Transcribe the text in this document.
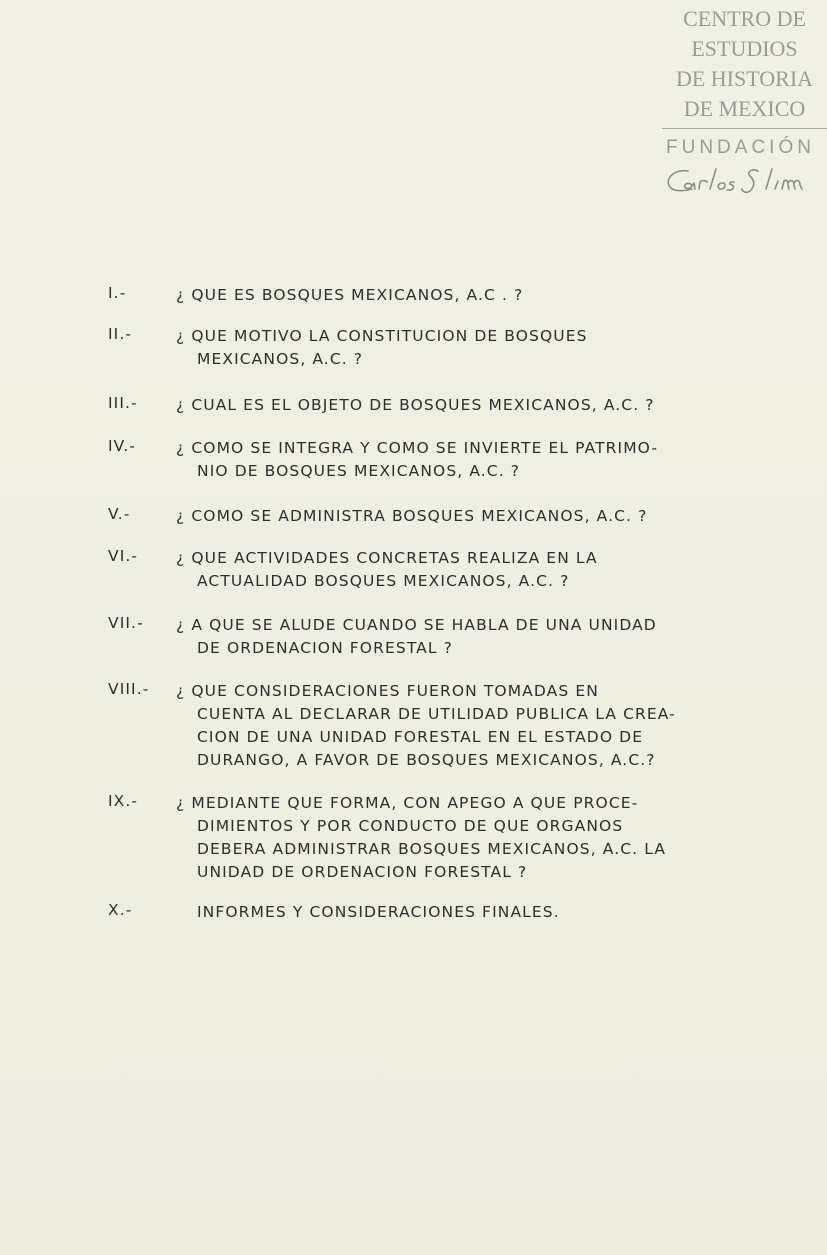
CENTRO DE
ESTUDIOS
DE HISTORIA
DE MEXICO
FUNDACIÓN
I.-	¿ QUE ES BOSQUES MEXICANOS, A.C . ?
II.-	¿ QUE MOTIVO LA CONSTITUCION DE BOSQUES
MEXICANOS, A.C. ?
III.-	¿ CUAL ES EL OBJETO DE BOSQUES MEXICANOS, A.C. ?
IV.-	¿ COMO SE INTEGRA Y COMO SE INVIERTE EL PATRIMO-
NIO DE BOSQUES MEXICANOS, A.C. ?
V.-	¿ COMO SE ADMINISTRA BOSQUES MEXICANOS, A.C. ?
VI.-	¿ QUE ACTIVIDADES CONCRETAS REALIZA EN LA
ACTUALIDAD BOSQUES MEXICANOS, A.C. ?
VII.-	¿ A QUE SE ALUDE CUANDO SE HABLA DE UNA UNIDAD
DE ORDENACION FORESTAL ?
VIII.-	¿ QUE CONSIDERACIONES FUERON TOMADAS EN
CUENTA AL DECLARAR DE UTILIDAD PUBLICA LA CREA-
CION DE UNA UNIDAD FORESTAL EN EL ESTADO DE
DURANGO, A FAVOR DE BOSQUES MEXICANOS, A.C.?
IX.-	¿ MEDIANTE QUE FORMA, CON APEGO A QUE PROCE-
DIMIENTOS Y POR CONDUCTO DE QUE ORGANOS
DEBERA ADMINISTRAR BOSQUES MEXICANOS, A.C. LA
UNIDAD DE ORDENACION FORESTAL ?
X.-	INFORMES Y CONSIDERACIONES FINALES.
